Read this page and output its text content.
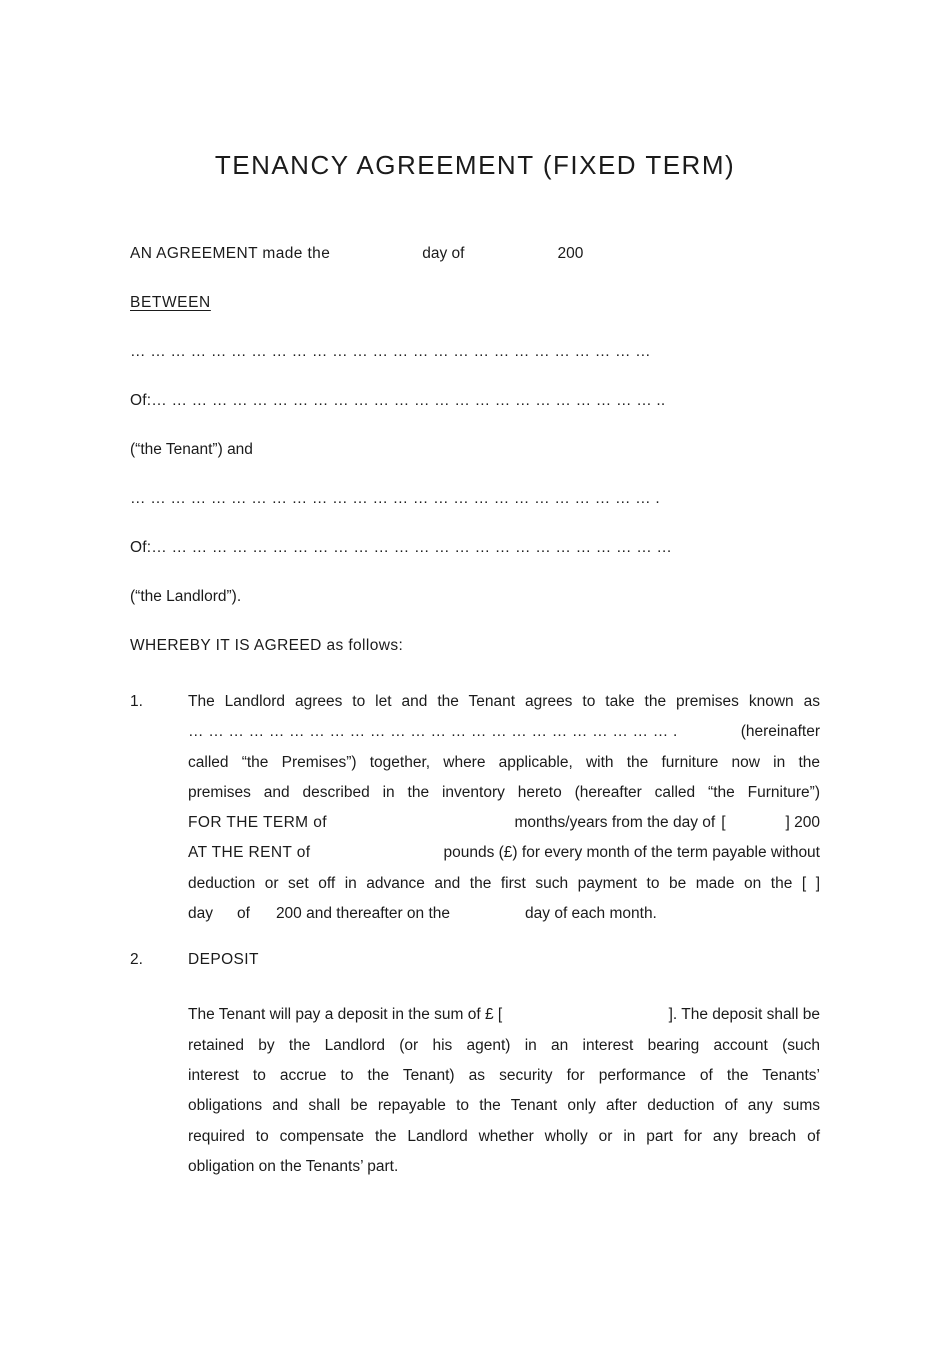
TENANCY AGREEMENT (FIXED TERM)

AN AGREEMENT made the	day of	200

BETWEEN

… … … … … … … … … … … … … … … … … … … … … … … … … …

Of:… … … … … … … … … … … … … … … … … … … … … … … … … ..

(“the Tenant”) and

… … … … … … … … … … … … … … … … … … … … … … … … … … .

Of:… … … … … … … … … … … … … … … … … … … … … … … … … …

(“the Landlord”).

WHEREBY IT IS AGREED as follows:

1.	The Landlord agrees to let and the Tenant agrees to take the premises known as
… … … … … … … … … … … … … … … … … … … … … … … … .	(hereinafter
called “the Premises”) together, where applicable, with the furniture now in the
premises and described in the inventory hereto (hereafter called “the Furniture”)
FOR THE TERM of	months/years from the day of [	] 200
AT THE RENT of	pounds (£) for every month of the term payable without
deduction or set off in advance and the first such payment to be made on the [ ]
day of 200 and thereafter on the	day of each month.
2.	DEPOSIT
The Tenant will pay a deposit in the sum of £ [	]. The deposit shall be
retained by the Landlord (or his agent) in an interest bearing account (such
interest to accrue to the Tenant) as security for performance of the Tenants’
obligations and shall be repayable to the Tenant only after deduction of any sums
required to compensate the Landlord whether wholly or in part for any breach of
obligation on the Tenants’ part.
